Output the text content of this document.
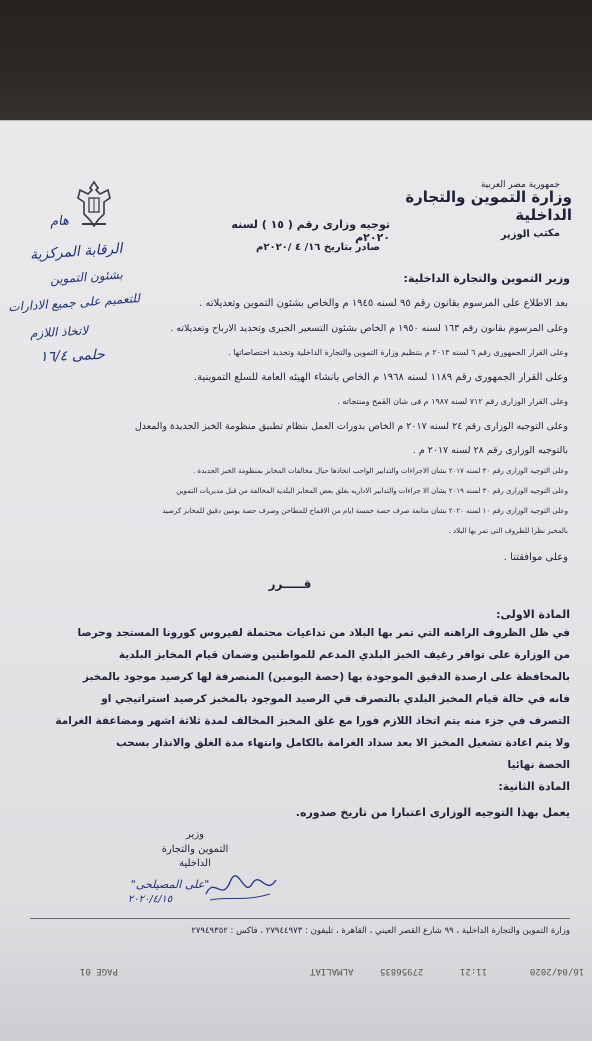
جمهورية مصر العربية
وزارة التموين والتجارة الداخلية
مكتب الوزير
توجيه وزارى رقم ( ١٥ ) لسنه ٢٠٢٠م
صادر بتاريخ ١٦/ ٤ /٢٠٢٠م
هام
الرقابة المركزية
بشئون التموين
للتعميم على جميع الادارات
لاتخاذ اللازم
حلمى ١٦/٤
وزير التموين والتجارة الداخلية:
بعد الاطلاع على المرسوم بقانون رقم ٩٥ لسنه ١٩٤٥ م والخاص بشئون التموين وتعديلاته .
وعلى المرسوم بقانون رقم ١٦٣ لسنه ١٩٥٠ م الخاص بشئون التسعير الجبرى وتحديد الارباح وتعديلاته .
وعلى القرار الجمهورى رقم ٦ لسنه ٢٠١٣ م بتنظيم وزارة التموين والتجارة الداخلية وتحديد اختصاصاتها .
وعلى القرار الجمهورى رقم ١١٨٩ لسنه ١٩٦٨ م الخاص بانشاء الهيئه العامة للسلع التموينية.
وعلى القرار الوزارى رقم ٧١٢ لسنه ١٩٨٧ م فى شان القمح ومنتجاته .
وعلى التوجيه الوزارى رقم ٢٤ لسنه ٢٠١٧ م الخاص بدورات العمل بنظام تطبيق منظومة الخبز الجديدة والمعدل
بالتوجيه الوزارى رقم ٢٨ لسنه ٢٠١٧ م .
وعلى التوجيه الوزارى رقم ٣٠ لسنه ٢٠١٧ بشأن الاجراءات والتدابير الواجب اتخاذها حيال مخالفات المخابز بمنظومة الخبز الجديدة .
وعلى التوجيه الوزارى رقم ٣٠ لسنه ٢٠١٩ بشأن الا جراءات والتدابير الاداريه بغلق بعض المخابز البلدية المخالفة من قبل مديريات التموين
وعلى التوجيه الوزارى رقم ١٠ لسنه ٢٠٢٠ بشأن متابعة صرف حصة خمسة ايام من الاقماح للمطاحن وصرف حصة يومين دقيق للمخابز كرصيد
بالمخبز نظرا للظروف التى تمر بها البلاد .
وعلى موافقتنا .
قـــــرر
المادة الاولى:
في ظل الظروف الراهنه التي تمر بها البلاد من تداعيات محتملة لفيروس كورونا المستجد وحرصا
من الوزارة على توافر رغيف الخبز البلدي المدعم للمواطنين وضمان قيام المخابز البلدية
بالمحافظة على ارصدة الدقيق الموجودة بها (حصة اليومين) المنصرفة لها كرصيد موجود بالمخبز
فانه في حالة قيام المخبز البلدي بالتصرف في الرصيد الموجود بالمخبز كرصيد استراتيجي او
التصرف في جزء منه يتم اتخاذ اللازم فورا مع غلق المخبز المخالف لمدة ثلاثة اشهر ومضاعفة الغرامة
ولا يتم اعادة تشغيل المخبز الا بعد سداد الغرامة بالكامل وانتهاء مدة الغلق والانذار بسحب
الحصة نهائيا
المادة الثانية:
يعمل بهذا التوجيه الوزارى اعتبارا من تاريخ صدوره.
وزير
التموين والتجارة الداخلية
"على المصيلحى"
٢٠٢٠/٤/١٥
وزارة التموين والتجارة الداخلية ، ٩٩ شارع القصر العيني ، القاهرة ، تليفون : ٢٧٩٤٤٩٧٣ ، فاكس : ٢٧٩٤٩٣٥٢
16/04/2020
11:21
27956835
ALMALIAT
PAGE 01
